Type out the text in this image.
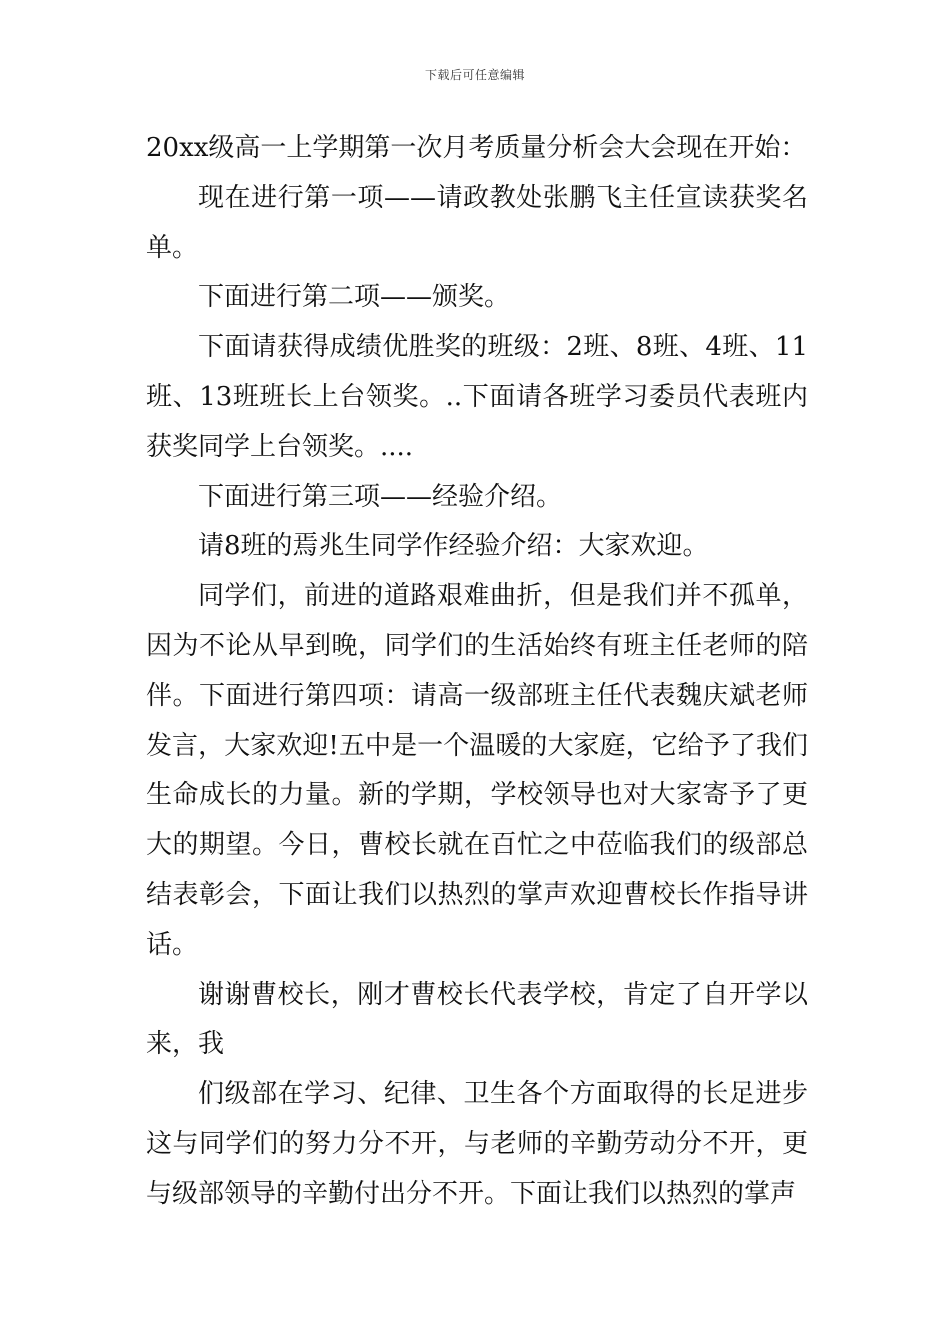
下载后可任意编辑

20xx级高一上学期第一次月考质量分析会大会现在开始：

现在进行第一项——请政教处张鹏飞主任宣读获奖名单。

下面进行第二项——颁奖。

下面请获得成绩优胜奖的班级：2班、8班、4班、11班、13班班长上台领奖。..下面请各班学习委员代表班内获奖同学上台领奖。....

下面进行第三项——经验介绍。

请8班的焉兆生同学作经验介绍：大家欢迎。

同学们，前进的道路艰难曲折，但是我们并不孤单，因为不论从早到晚，同学们的生活始终有班主任老师的陪伴。下面进行第四项：请高一级部班主任代表魏庆斌老师发言，大家欢迎!五中是一个温暖的大家庭，它给予了我们生命成长的力量。新的学期，学校领导也对大家寄予了更大的期望。今日，曹校长就在百忙之中莅临我们的级部总结表彰会，下面让我们以热烈的掌声欢迎曹校长作指导讲话。

谢谢曹校长，刚才曹校长代表学校，肯定了自开学以来，我

们级部在学习、纪律、卫生各个方面取得的长足进步这与同学们的努力分不开，与老师的辛勤劳动分不开，更与级部领导的辛勤付出分不开。下面让我们以热烈的掌声
